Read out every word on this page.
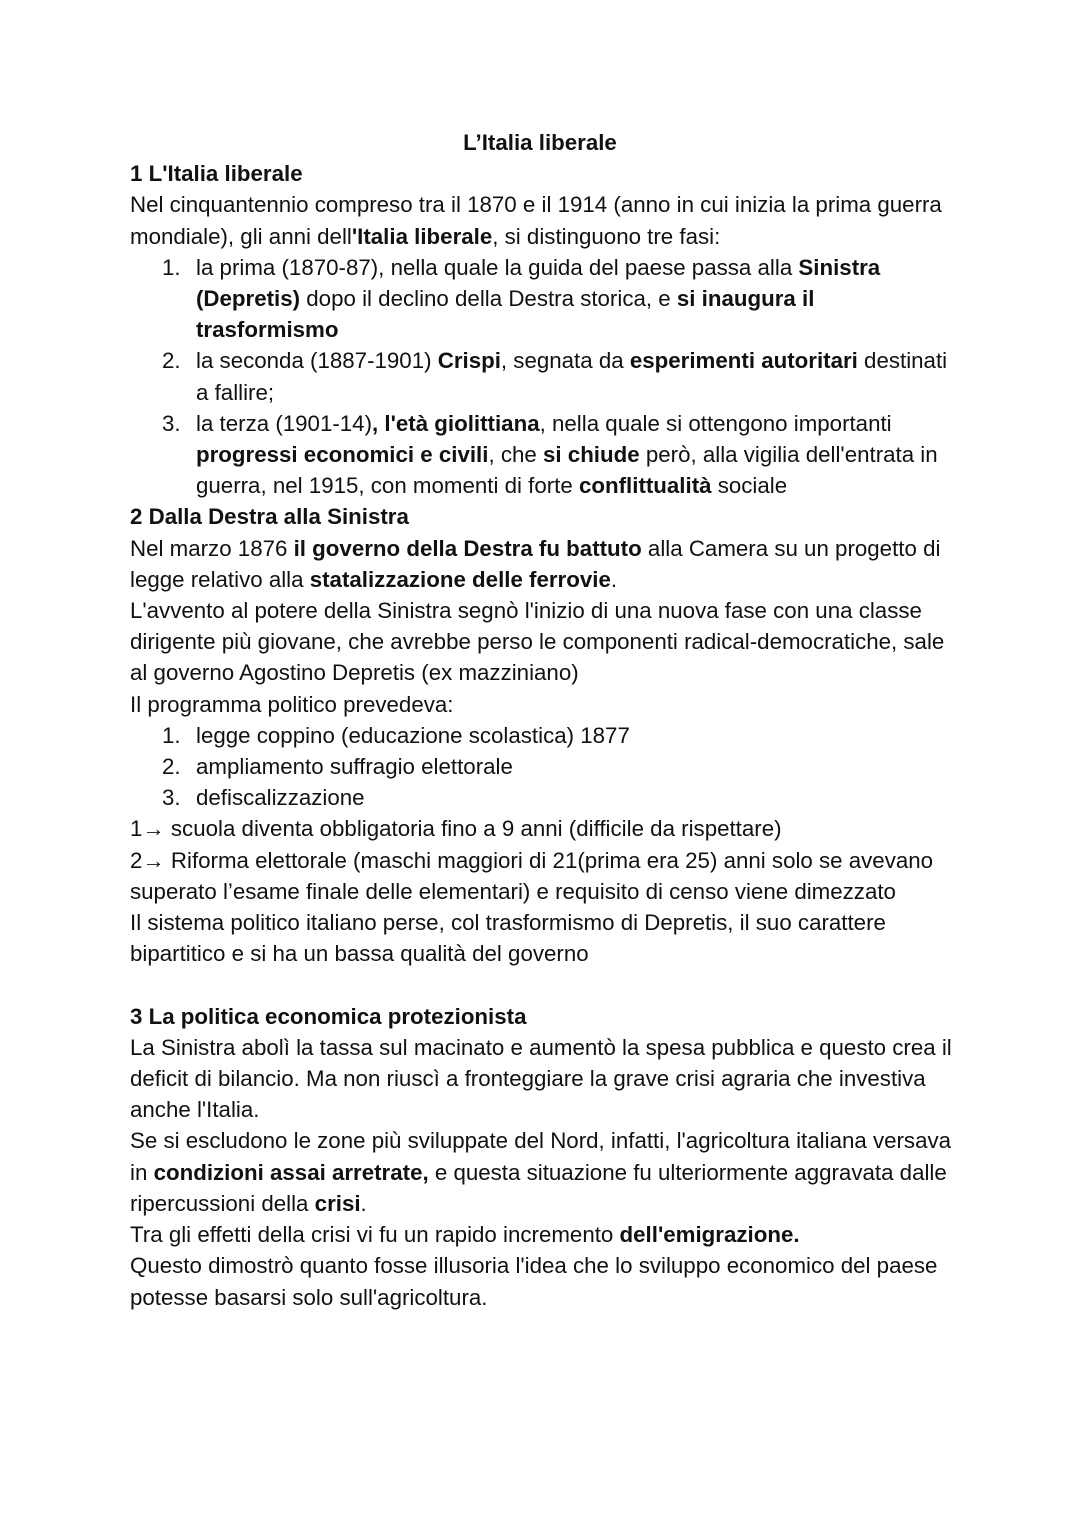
L’Italia liberale
1 L'Italia liberale

Nel cinquantennio compreso tra il 1870 e il 1914 (anno in cui inizia la prima guerra mondiale), gli anni dell'Italia liberale, si distinguono tre fasi:

1. la prima (1870-87), nella quale la guida del paese passa alla Sinistra (Depretis) dopo il declino della Destra storica, e si inaugura il trasformismo
2. la seconda (1887-1901) Crispi, segnata da esperimenti autoritari destinati a fallire;
3. la terza (1901-14), l'età giolittiana, nella quale si ottengono importanti progressi economici e civili, che si chiude però, alla vigilia dell'entrata in guerra, nel 1915, con momenti di forte conflittualità sociale
2 Dalla Destra alla Sinistra

Nel marzo 1876 il governo della Destra fu battuto alla Camera su un progetto di legge relativo alla statalizzazione delle ferrovie.

L'avvento al potere della Sinistra segnò l'inizio di una nuova fase con una classe dirigente più giovane, che avrebbe perso le componenti radical-democratiche, sale al governo Agostino Depretis (ex mazziniano)

Il programma politico prevedeva:

1. legge coppino (educazione scolastica) 1877
2. ampliamento suffragio elettorale
3. defiscalizzazione

1→ scuola diventa obbligatoria fino a 9 anni (difficile da rispettare)

2→ Riforma elettorale (maschi maggiori di 21(prima era 25) anni solo se avevano superato l’esame finale delle elementari) e requisito di censo viene dimezzato

Il sistema politico italiano perse, col trasformismo di Depretis, il suo carattere bipartitico e si ha un bassa qualità del governo

3 La politica economica protezionista

La Sinistra abolì la tassa sul macinato e aumentò la spesa pubblica e questo crea il deficit di bilancio. Ma non riuscì a fronteggiare la grave crisi agraria che investiva anche l'Italia.

Se si escludono le zone più sviluppate del Nord, infatti, l'agricoltura italiana versava in condizioni assai arretrate, e questa situazione fu ulteriormente aggravata dalle ripercussioni della crisi.

Tra gli effetti della crisi vi fu un rapido incremento dell'emigrazione.

Questo dimostrò quanto fosse illusoria l'idea che lo sviluppo economico del paese potesse basarsi solo sull'agricoltura.
